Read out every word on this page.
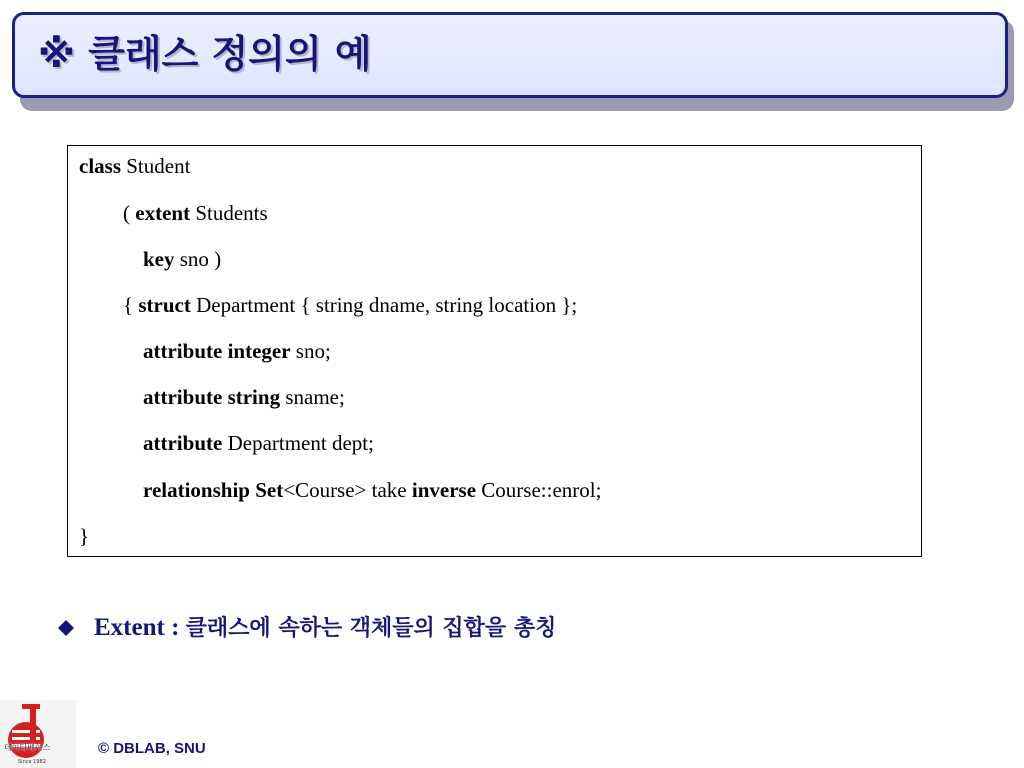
※ 클래스 정의의 예
class Student
( extent Students
key sno )
{ struct Department { string dname, string location };
attribute integer sno;
attribute string sname;
attribute Department dept;
relationship Set<Course> take inverse Course::enrol;
}
Extent : 클래스에 속하는 객체들의 집합을 총칭
데이타베이스
Since 1982
© DBLAB, SNU
